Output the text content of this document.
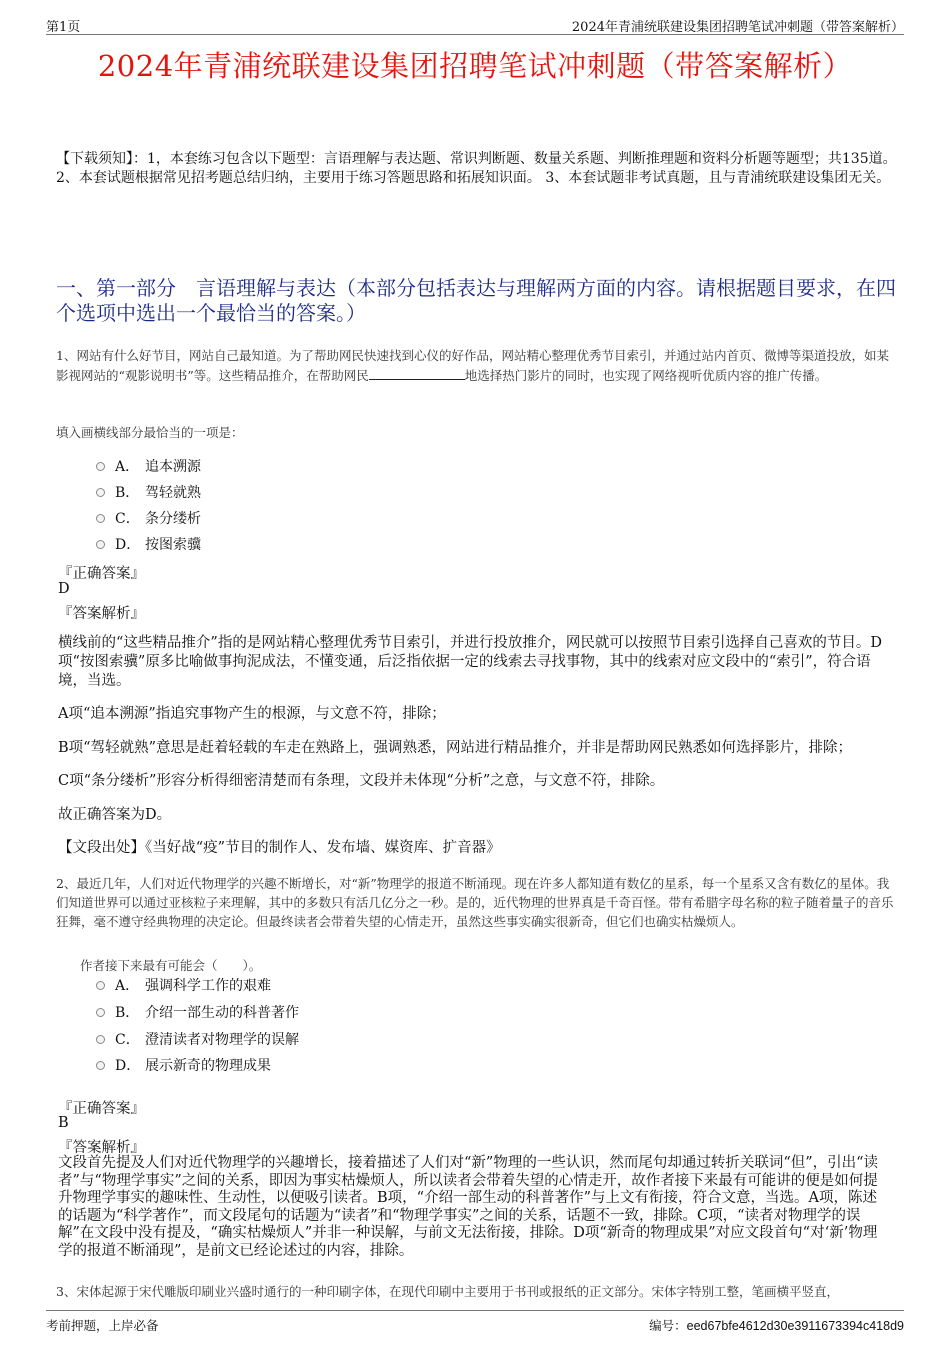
第1页	2024年青浦统联建设集团招聘笔试冲刺题（带答案解析）
2024年青浦统联建设集团招聘笔试冲刺题（带答案解析）
【下载须知】：1，本套练习包含以下题型：言语理解与表达题、常识判断题、数量关系题、判断推理题和资料分析题等题型；共135道。 2、本套试题根据常见招考题总结归纳，主要用于练习答题思路和拓展知识面。 3、本套试题非考试真题，且与青浦统联建设集团无关。
一、第一部分　言语理解与表达（本部分包括表达与理解两方面的内容。请根据题目要求，在四个选项中选出一个最恰当的答案。）
1、网站有什么好节目，网站自己最知道。为了帮助网民快速找到心仪的好作品，网站精心整理优秀节目索引，并通过站内首页、微博等渠道投放，如某影视网站的“观影说明书”等。这些精品推介，在帮助网民	地选择热门影片的同时，也实现了网络视听优质内容的推广传播。
填入画横线部分最恰当的一项是：
A． 追本溯源
B． 驾轻就熟
C． 条分缕析
D． 按图索骥
『正确答案』
D
『答案解析』
横线前的“这些精品推介”指的是网站精心整理优秀节目索引，并进行投放推介，网民就可以按照节目索引选择自己喜欢的节目。D项“按图索骥”原多比喻做事拘泥成法，不懂变通，后泛指依据一定的线索去寻找事物，其中的线索对应文段中的“索引”，符合语境，当选。
A项“追本溯源”指追究事物产生的根源，与文意不符，排除；
B项“驾轻就熟”意思是赶着轻载的车走在熟路上，强调熟悉，网站进行精品推介，并非是帮助网民熟悉如何选择影片，排除；
C项“条分缕析”形容分析得细密清楚而有条理，文段并未体现“分析”之意，与文意不符，排除。
故正确答案为D。
【文段出处】《当好战“疫”节目的制作人、发布墙、媒资库、扩音器》
2、最近几年，人们对近代物理学的兴趣不断增长，对“新”物理学的报道不断涌现。现在许多人都知道有数亿的星系，每一个星系又含有数亿的星体。我们知道世界可以通过亚核粒子来理解，其中的多数只有活几亿分之一秒。是的，近代物理的世界真是千奇百怪。带有希腊字母名称的粒子随着量子的音乐狂舞，毫不遵守经典物理的决定论。但最终读者会带着失望的心情走开，虽然这些事实确实很新奇，但它们也确实枯燥烦人。
作者接下来最有可能会（　　）。
A． 强调科学工作的艰难
B． 介绍一部生动的科普著作
C． 澄清读者对物理学的误解
D． 展示新奇的物理成果
『正确答案』
B
『答案解析』
文段首先提及人们对近代物理学的兴趣增长，接着描述了人们对“新”物理的一些认识，然而尾句却通过转折关联词“但”，引出“读者”与“物理学事实”之间的关系，即因为事实枯燥烦人，所以读者会带着失望的心情走开，故作者接下来最有可能讲的便是如何提升物理学事实的趣味性、生动性，以便吸引读者。B项，“介绍一部生动的科普著作”与上文有衔接，符合文意，当选。A项，陈述的话题为“科学著作”，而文段尾句的话题为“读者”和“物理学事实”之间的关系，话题不一致，排除。C项，“读者对物理学的误解”在文段中没有提及，“确实枯燥烦人”并非一种误解，与前文无法衔接，排除。D项“新奇的物理成果”对应文段首句“对‘新’物理学的报道不断涌现”，是前文已经论述过的内容，排除。
3、宋体起源于宋代雕版印刷业兴盛时通行的一种印刷字体，在现代印刷中主要用于书刊或报纸的正文部分。宋体字特别工整，笔画横平竖直，
考前押题，上岸必备	编号：eed67bfe4612d30e3911673394c418d9
